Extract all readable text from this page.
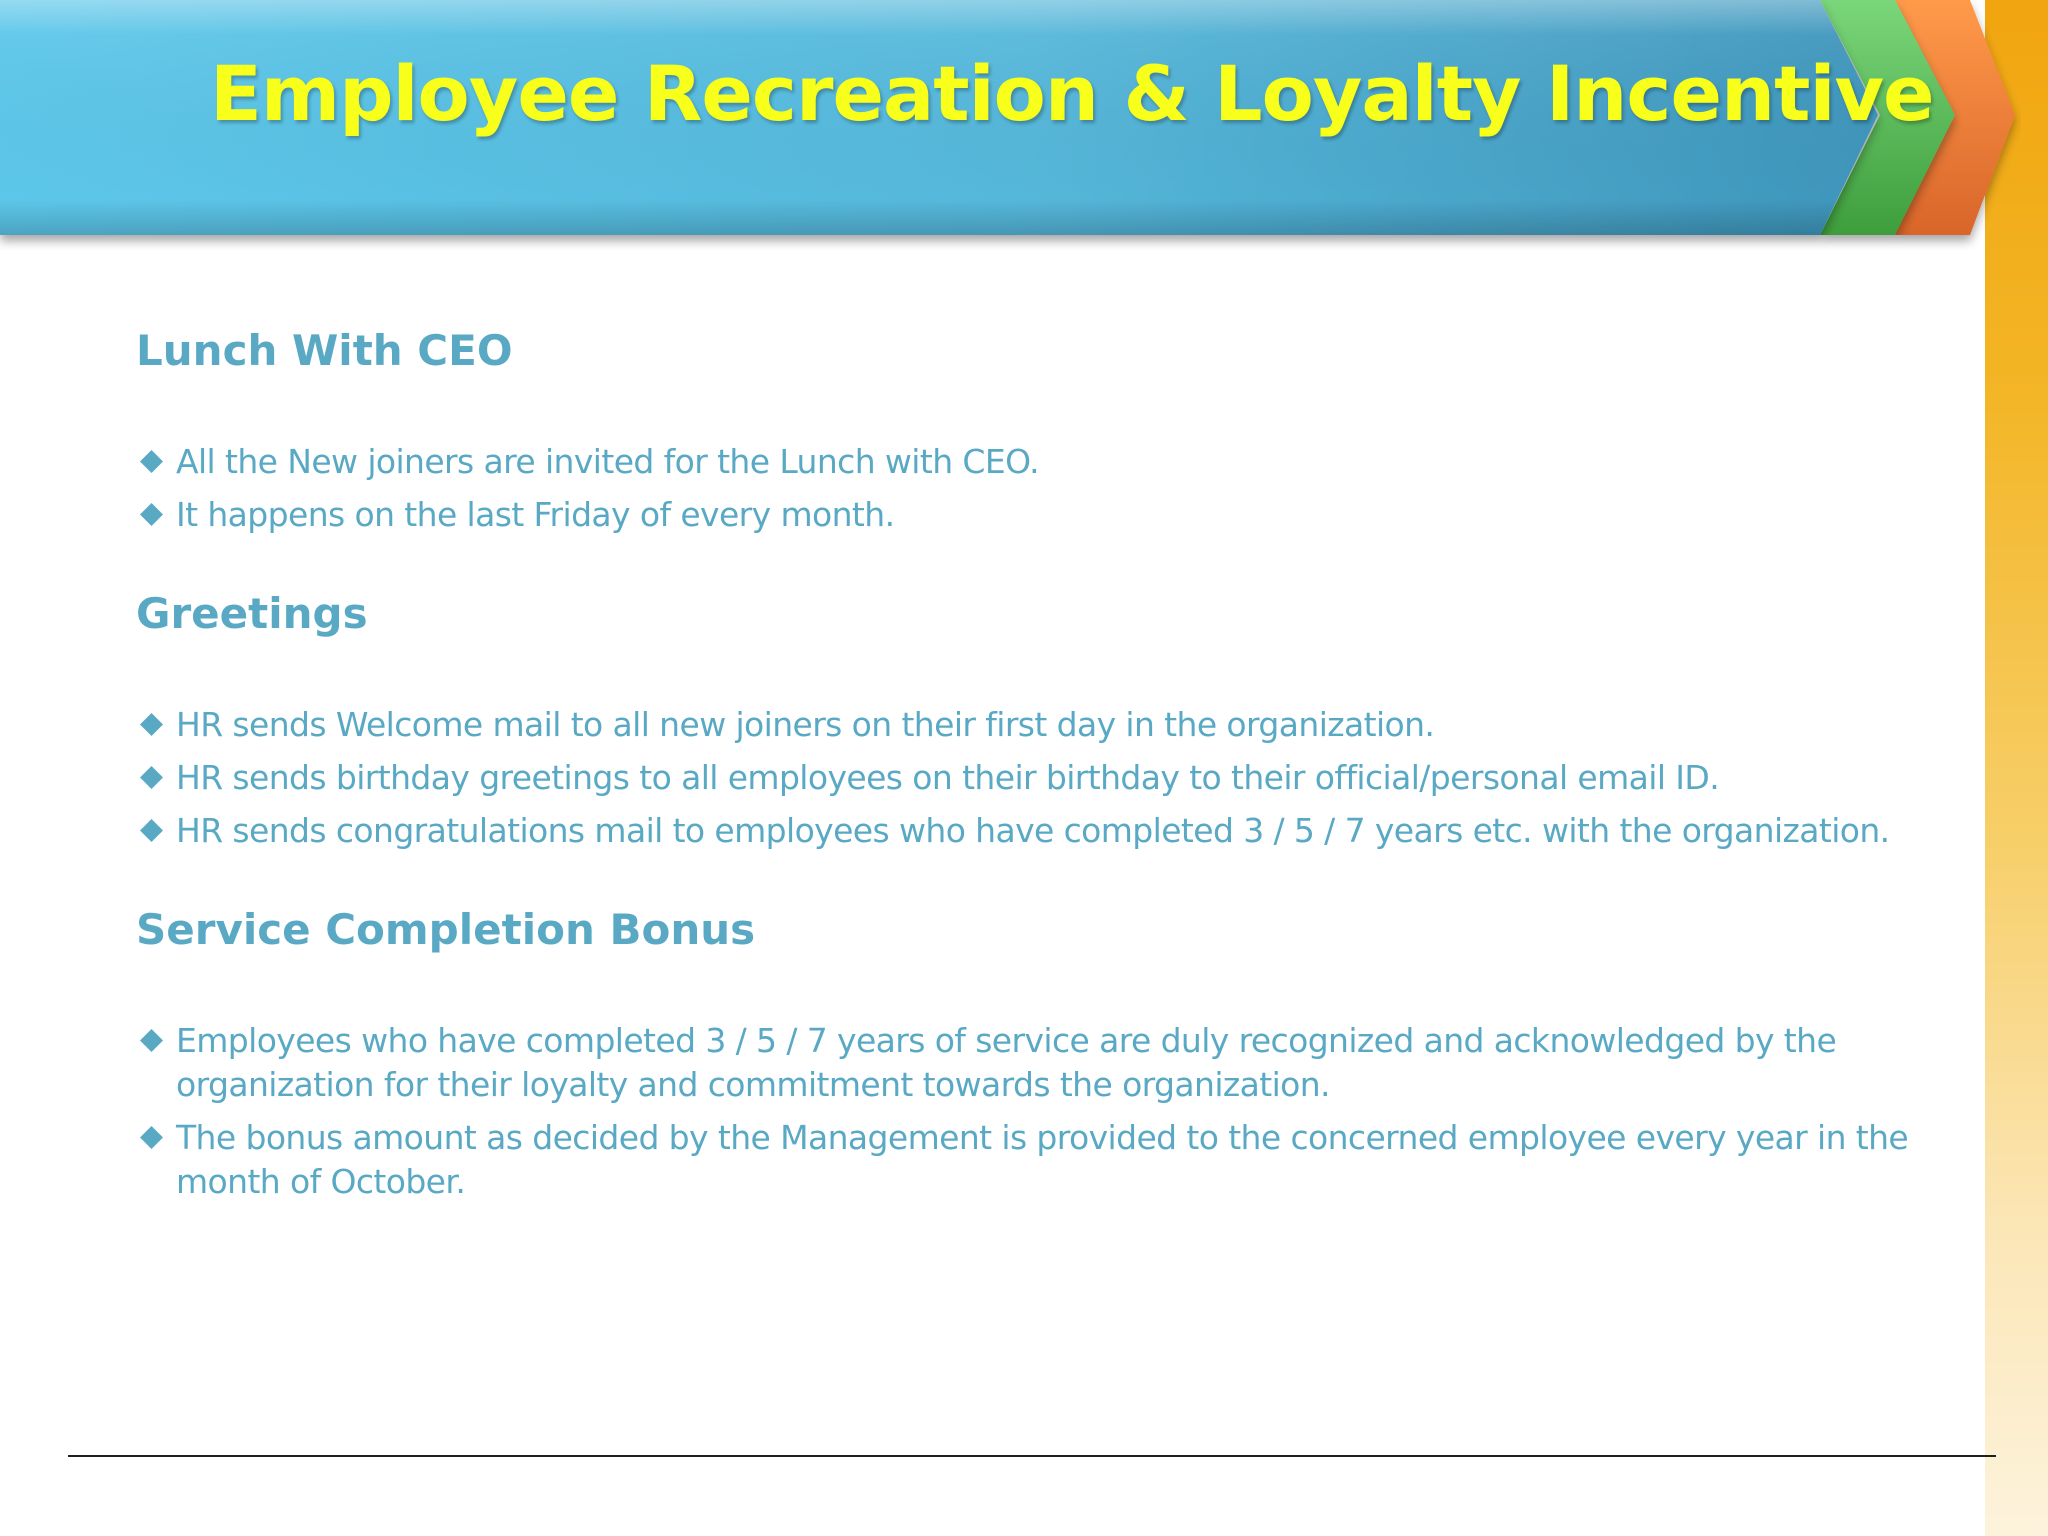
Employee Recreation & Loyalty Incentive
Lunch With CEO
All the New joiners are invited for the Lunch with CEO.
It happens on the last Friday of every month.
Greetings
HR sends Welcome mail to all new joiners on their first day in the organization.
HR sends birthday greetings to all employees on their birthday to their official/personal email ID.
HR sends congratulations mail to employees who have completed 3 / 5 / 7 years etc. with the organization.
Service Completion Bonus
Employees who have completed 3 / 5 / 7 years of service are duly recognized and acknowledged by the organization for their loyalty and commitment towards the organization.
The bonus amount as decided by the Management is provided to the concerned employee every year in the month of October.
